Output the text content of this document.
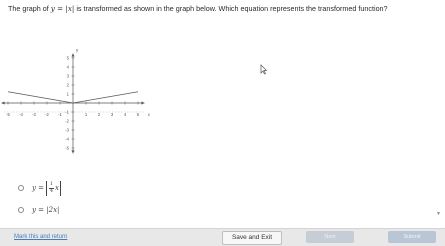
The graph of y = |x| is transformed as shown in the graph below. Which equation represents the transformed function?
-5 -4 -3 -2 -1	1	2	3	4	5 x
5
4
3
2
1
-1
-2
-3
-4
-5
y
$y = \frac{1}{4}$ x
y = |2x|	▼
Mark this and return	Save and Exit	Next	Submit
